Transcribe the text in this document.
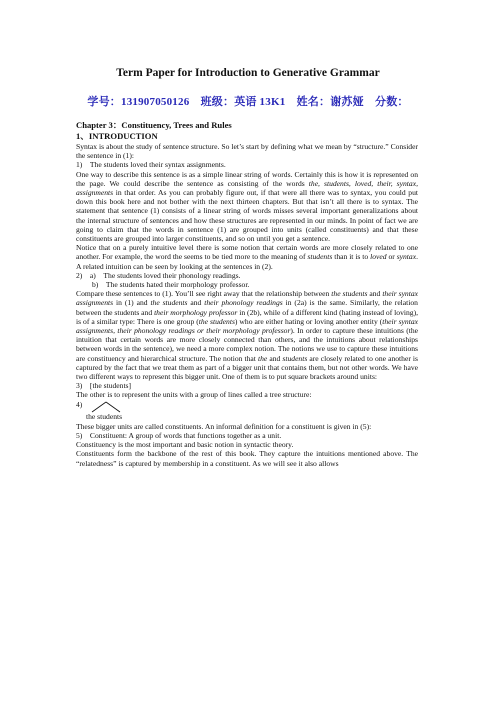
Term Paper for Introduction to Generative Grammar
学号：131907050126　班级：英语 13K1　姓名：谢苏娅　分数：

Chapter 3：Constituency, Trees and Rules

1、INTRODUCTION

Syntax is about the study of sentence structure. So let’s start by defining what we mean by “structure.” Consider the sentence in (1):

1)　The students loved their syntax assignments.

One way to describe this sentence is as a simple linear string of words. Certainly this is how it is represented on the page. We could describe the sentence as consisting of the words the, students, loved, their, syntax, assignments in that order. As you can probably figure out, if that were all there was to syntax, you could put down this book here and not bother with the next thirteen chapters. But that isn’t all there is to syntax. The statement that sentence (1) consists of a linear string of words misses several important generalizations about the internal structure of sentences and how these structures are represented in our minds. In point of fact we are going to claim that the words in sentence (1) are grouped into units (called constituents) and that these constituents are grouped into larger constituents, and so on until you get a sentence.

Notice that on a purely intuitive level there is some notion that certain words are more closely related to one another. For example, the word the seems to be tied more to the meaning of students than it is to loved or syntax. A related intuition can be seen by looking at the sentences in (2).

2)　a)　The students loved their phonology readings.

b)　The students hated their morphology professor.

Compare these sentences to (1). You’ll see right away that the relationship between the students and their syntax assignments in (1) and the students and their phonology readings in (2a) is the same. Similarly, the relation between the students and their morphology professor in (2b), while of a different kind (hating instead of loving), is of a similar type: There is one group (the students) who are either hating or loving another entity (their syntax assignments, their phonology readings or their morphology professor). In order to capture these intuitions (the intuition that certain words are more closely connected than others, and the intuitions about relationships between words in the sentence), we need a more complex notion. The notions we use to capture these intuitions are constituency and hierarchical structure. The notion that the and students are closely related to one another is captured by the fact that we treat them as part of a bigger unit that contains them, but not other words. We have two different ways to represent this bigger unit. One of them is to put square brackets around units:

3)　[the students]

The other is to represent the units with a group of lines called a tree structure:

4)
the students

These bigger units are called constituents. An informal definition for a constituent is given in (5):

5)　Constituent: A group of words that functions together as a unit.

Constituency is the most important and basic notion in syntactic theory.

Constituents form the backbone of the rest of this book. They capture the intuitions mentioned above. The “relatedness” is captured by membership in a constituent. As we will see it also allows
